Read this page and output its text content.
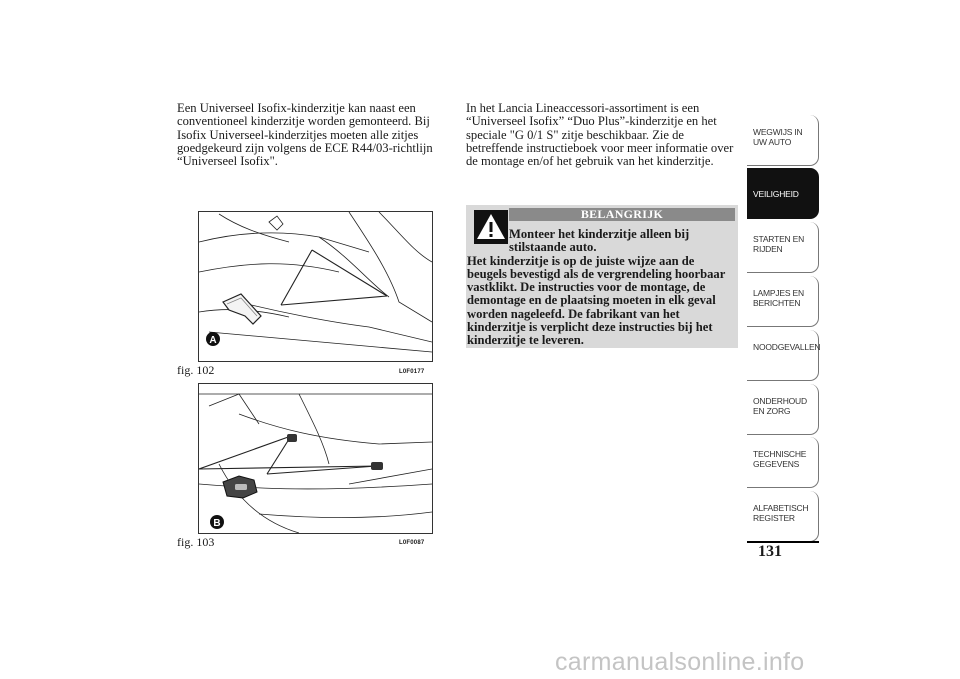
Een Universeel Isofix-kinderzitje kan naast een conventioneel kinderzitje worden gemonteerd. Bij Isofix Universeel-kinderzitjes moeten alle zitjes goedgekeurd zijn volgens de ECE R44/03-richtlijn “Universeel Isofix".
In het Lancia Lineaccessori-assortiment is een “Universeel Isofix” “Duo Plus”-kinderzitje en het speciale "G 0/1 S" zitje beschikbaar. Zie de betreffende instructieboek voor meer informatie over de montage en/of het gebruik van het kinderzitje.
A
fig. 102	L0F0177
B
fig. 103	L0F0087
BELANGRIJK
Monteer het kinderzitje alleen bij stilstaande auto.
Het kinderzitje is op de juiste wijze aan de beugels bevestigd als de vergrendeling hoorbaar vastklikt. De instructies voor de montage, de demontage en de plaatsing moeten in elk geval worden nageleefd. De fabrikant van het kinderzitje is verplicht deze instructies bij het kinderzitje te leveren.
WEGWIJS IN UW AUTO
VEILIGHEID
STARTEN EN RIJDEN
LAMPJES EN BERICHTEN
NOODGEVALLEN
ONDERHOUD EN ZORG
TECHNISCHE GEGEVENS
ALFABETISCH REGISTER
131
carmanualsonline.info
